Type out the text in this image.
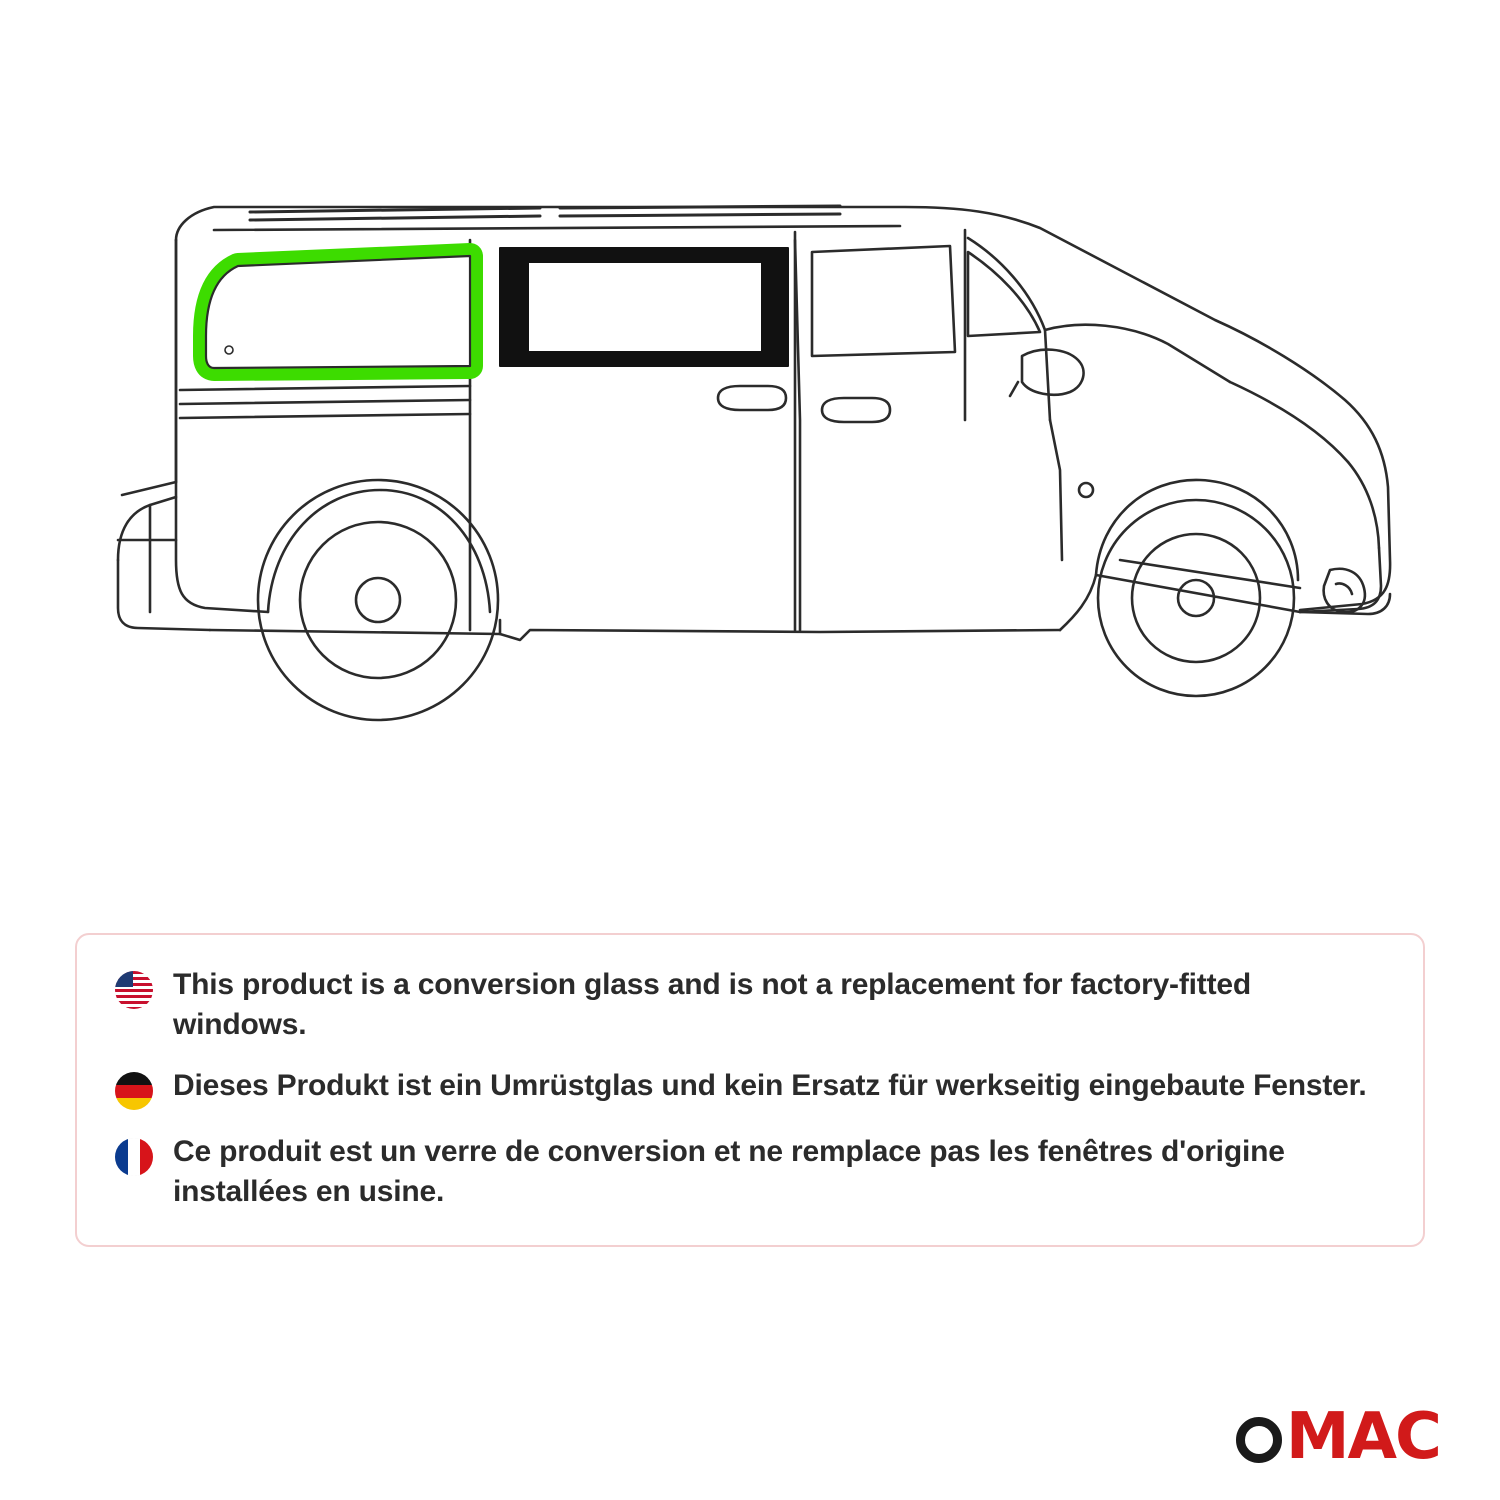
This product is a conversion glass and is not a replacement for factory-fitted windows.
Dieses Produkt ist ein Umrüstglas und kein Ersatz für werkseitig eingebaute Fenster.
Ce produit est un verre de conversion et ne remplace pas les fenêtres d'origine installées en usine.
MAC
